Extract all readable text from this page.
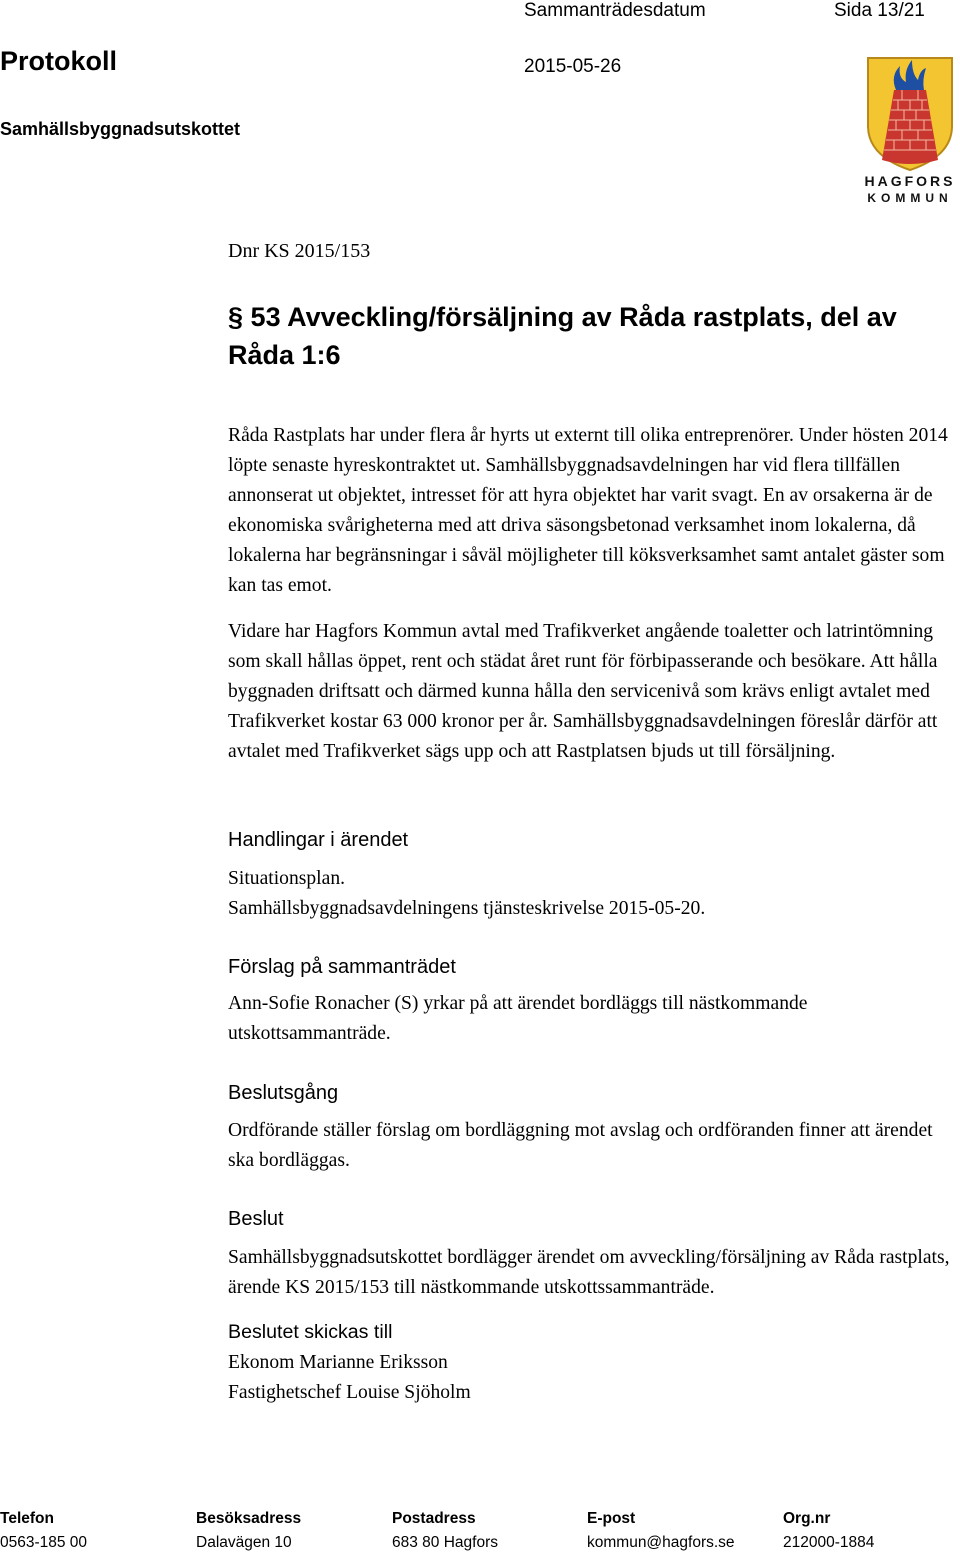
Sammanträdesdatum	Sida 13/21
Protokoll	2015-05-26
Samhällsbyggnadsutskottet
HAGFORS
KOMMUN
Dnr KS 2015/153
§ 53 Avveckling/försäljning av Råda rastplats, del av Råda 1:6

Råda Rastplats har under flera år hyrts ut externt till olika entreprenörer. Under hösten 2014 löpte senaste hyreskontraktet ut. Samhällsbyggnadsavdelningen har vid flera tillfällen annonserat ut objektet, intresset för att hyra objektet har varit svagt. En av orsakerna är de ekonomiska svårigheterna med att driva säsongsbetonad verksamhet inom lokalerna, då lokalerna har begränsningar i såväl möjligheter till köksverksamhet samt antalet gäster som kan tas emot.

Vidare har Hagfors Kommun avtal med Trafikverket angående toaletter och latrintömning som skall hållas öppet, rent och städat året runt för förbipasserande och besökare. Att hålla byggnaden driftsatt och därmed kunna hålla den servicenivå som krävs enligt avtalet med Trafikverket kostar 63 000 kronor per år. Samhällsbyggnadsavdelningen föreslår därför att avtalet med Trafikverket sägs upp och att Rastplatsen bjuds ut till försäljning.

Handlingar i ärendet
Situationsplan.
Samhällsbyggnadsavdelningens tjänsteskrivelse 2015-05-20.
Förslag på sammanträdet

Ann-Sofie Ronacher (S) yrkar på att ärendet bordläggs till nästkommande utskottsammanträde.

Beslutsgång

Ordförande ställer förslag om bordläggning mot avslag och ordföranden finner att ärendet ska bordläggas.

Beslut

Samhällsbyggnadsutskottet bordlägger ärendet om avveckling/försäljning av Råda rastplats, ärende KS 2015/153 till nästkommande utskottssammanträde.

Beslutet skickas till
Ekonom Marianne Eriksson
Fastighetschef Louise Sjöholm
Telefon
0563-185 00
Besöksadress
Dalavägen 10
Postadress
683 80 Hagfors
E-post
kommun@hagfors.se
Org.nr
212000-1884
